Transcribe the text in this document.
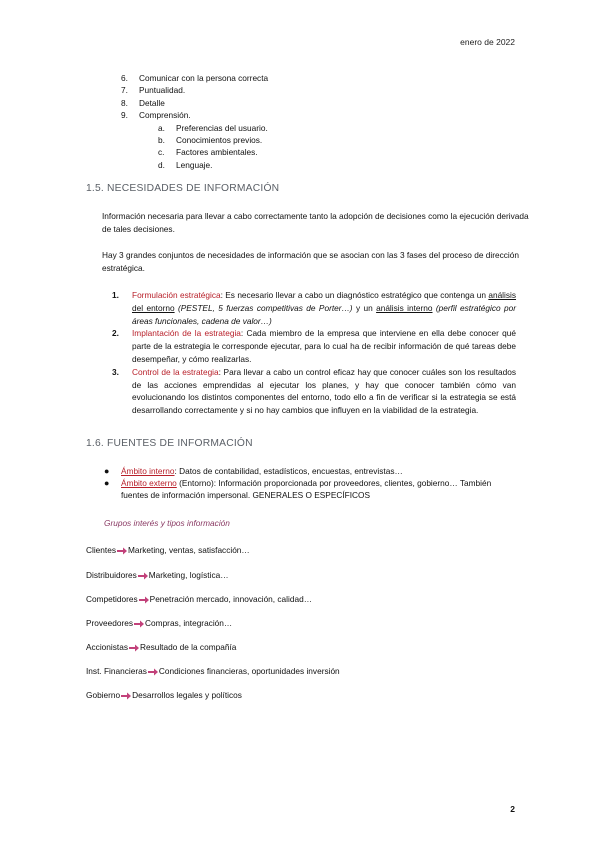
enero de 2022
6.	Comunicar con la persona correcta
7.	Puntualidad.
8.	Detalle
9.	Comprensión.
a.	Preferencias del usuario.
b.	Conocimientos previos.
c.	Factores ambientales.
d.	Lenguaje.
1.5. NECESIDADES DE INFORMACIÓN
Información necesaria para llevar a cabo correctamente tanto la adopción de decisiones como la ejecución derivada de tales decisiones.
Hay 3 grandes conjuntos de necesidades de información que se asocian con las 3 fases del proceso de dirección estratégica.
1. Formulación estratégica: Es necesario llevar a cabo un diagnóstico estratégico que contenga un análisis del entorno (PESTEL, 5 fuerzas competitivas de Porter…) y un análisis interno (perfil estratégico por áreas funcionales, cadena de valor…)
2. Implantación de la estrategia: Cada miembro de la empresa que interviene en ella debe conocer qué parte de la estrategia le corresponde ejecutar, para lo cual ha de recibir información de qué tareas debe desempeñar, y cómo realizarlas.
3. Control de la estrategia: Para llevar a cabo un control eficaz hay que conocer cuáles son los resultados de las acciones emprendidas al ejecutar los planes, y hay que conocer también cómo van evolucionando los distintos componentes del entorno, todo ello a fin de verificar si la estrategia se está desarrollando correctamente y si no hay cambios que influyen en la viabilidad de la estrategia.
1.6. FUENTES DE INFORMACIÓN
● Ámbito interno: Datos de contabilidad, estadísticos, encuestas, entrevistas…
● Ámbito externo (Entorno): Información proporcionada por proveedores, clientes, gobierno… También fuentes de información impersonal. GENERALES O ESPECÍFICOS
Grupos interés y tipos información
Clientes Marketing, ventas, satisfacción…
Distribuidores Marketing, logística…
Competidores Penetración mercado, innovación, calidad…
Proveedores Compras, integración…
Accionistas Resultado de la compañía
Inst. Financieras Condiciones financieras, oportunidades inversión
Gobierno Desarrollos legales y políticos
2
